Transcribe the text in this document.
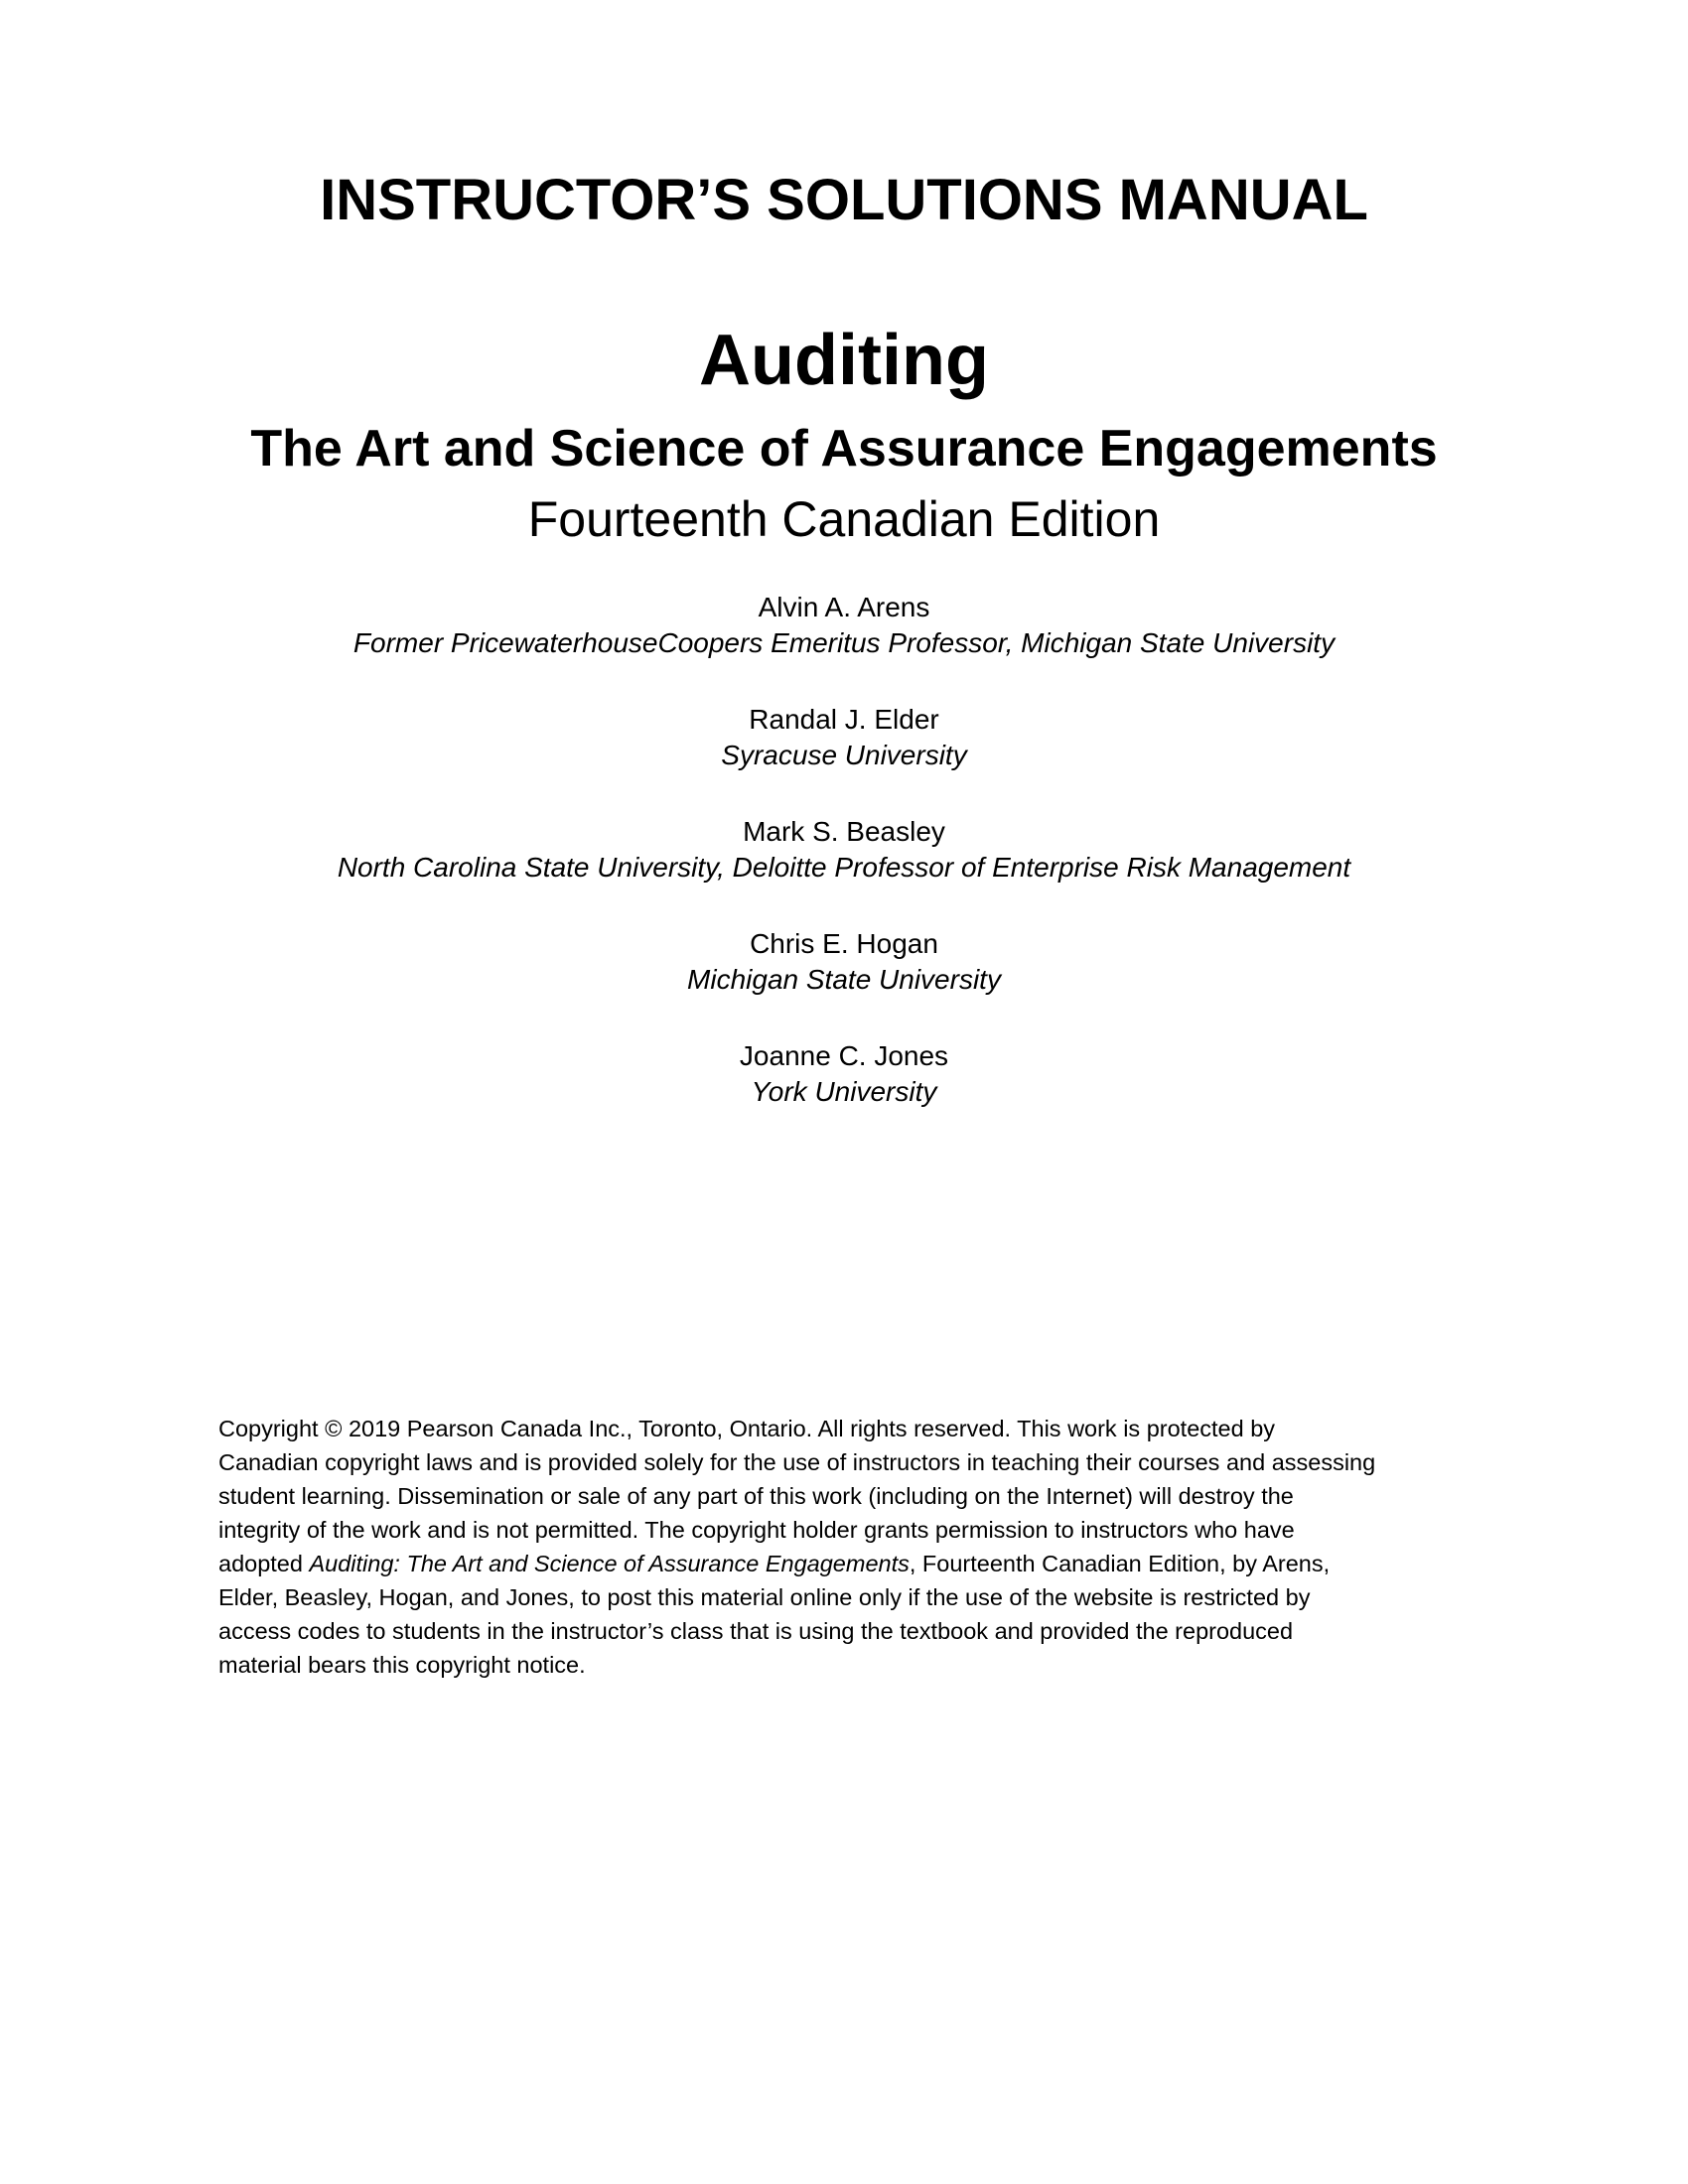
INSTRUCTOR’S SOLUTIONS MANUAL
Auditing
The Art and Science of Assurance Engagements
Fourteenth Canadian Edition
Alvin A. Arens
Former PricewaterhouseCoopers Emeritus Professor, Michigan State University
Randal J. Elder
Syracuse University
Mark S. Beasley
North Carolina State University, Deloitte Professor of Enterprise Risk Management
Chris E. Hogan
Michigan State University
Joanne C. Jones
York University
Copyright © 2019 Pearson Canada Inc., Toronto, Ontario. All rights reserved. This work is protected by
Canadian copyright laws and is provided solely for the use of instructors in teaching their courses and assessing
student learning. Dissemination or sale of any part of this work (including on the Internet) will destroy the
integrity of the work and is not permitted. The copyright holder grants permission to instructors who have
adopted Auditing: The Art and Science of Assurance Engagements, Fourteenth Canadian Edition, by Arens,
Elder, Beasley, Hogan, and Jones, to post this material online only if the use of the website is restricted by
access codes to students in the instructor’s class that is using the textbook and provided the reproduced
material bears this copyright notice.
